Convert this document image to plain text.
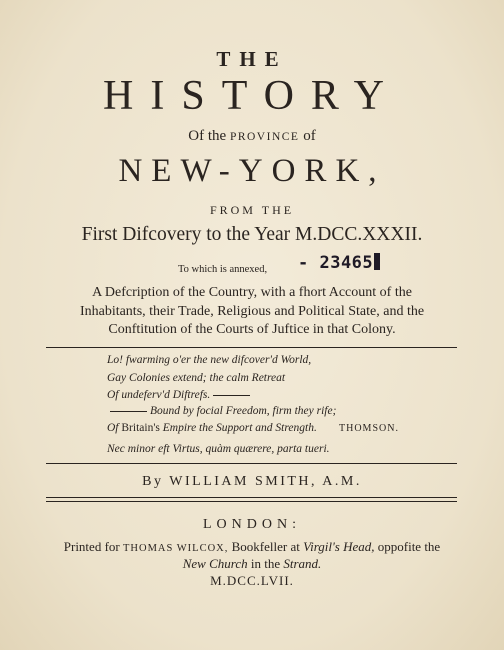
THE
HISTORY
Of the PROVINCE of
NEW-YORK,
FROM THE
First Difcovery to the Year M.DCC.XXXII.
To which is annexed, - 23465
A Defcription of the Country, with a fhort Account of the
Inhabitants, their Trade, Religious and Political State, and the
Conftitution of the Courts of Juftice in that Colony.
Lo! fwarming o'er the new difcover'd World,
Gay Colonies extend; the calm Retreat
Of undeferv'd Diftrefs.
Bound by focial Freedom, firm they rife;
Of Britain's Empire the Support and Strength. THOMSON.
Nec minor eft Virtus, quàm quærere, parta tueri.
By WILLIAM SMITH, A.M.
LONDON:
Printed for THOMAS WILCOX, Bookfeller at Virgil's Head, oppofite the
New Church in the Strand.
M.DCC.LVII.
